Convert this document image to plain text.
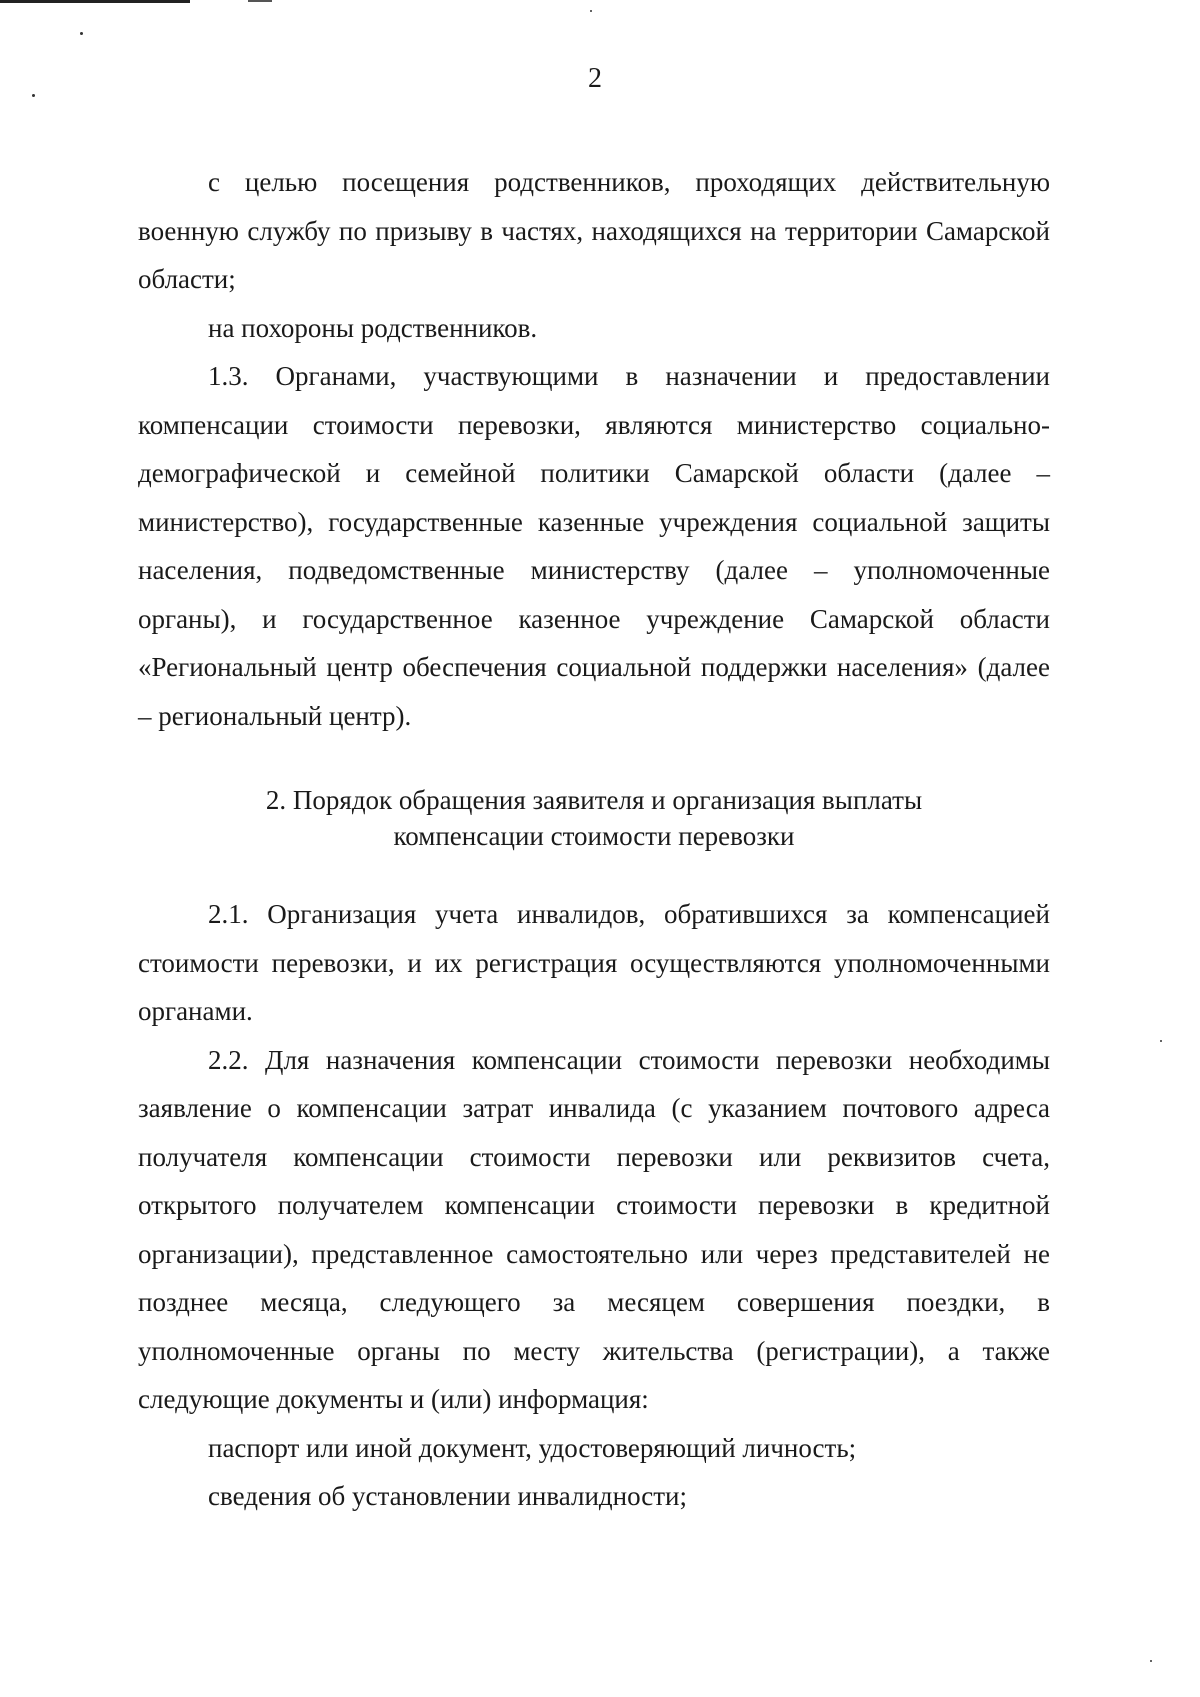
2

с целью посещения родственников, проходящих действительную военную службу по призыву в частях, находящихся на территории Самарской области;

на похороны родственников.

1.3. Органами, участвующими в назначении и предоставлении компенсации стоимости перевозки, являются министерство социально-демографической и семейной политики Самарской области (далее – министерство), государственные казенные учреждения социальной защиты населения, подведомственные министерству (далее – уполномоченные органы), и государственное казенное учреждение Самарской области «Региональный центр обеспечения социальной поддержки населения» (далее – региональный центр).

2. Порядок обращения заявителя и организация выплаты
компенсации стоимости перевозки

2.1. Организация учета инвалидов, обратившихся за компенсацией стоимости перевозки, и их регистрация осуществляются уполномоченными органами.

2.2. Для назначения компенсации стоимости перевозки необходимы заявление о компенсации затрат инвалида (с указанием почтового адреса получателя компенсации стоимости перевозки или реквизитов счета, открытого получателем компенсации стоимости перевозки в кредитной организации), представленное самостоятельно или через представителей не позднее месяца, следующего за месяцем совершения поездки, в уполномоченные органы по месту жительства (регистрации), а также следующие документы и (или) информация:

паспорт или иной документ, удостоверяющий личность;

сведения об установлении инвалидности;
